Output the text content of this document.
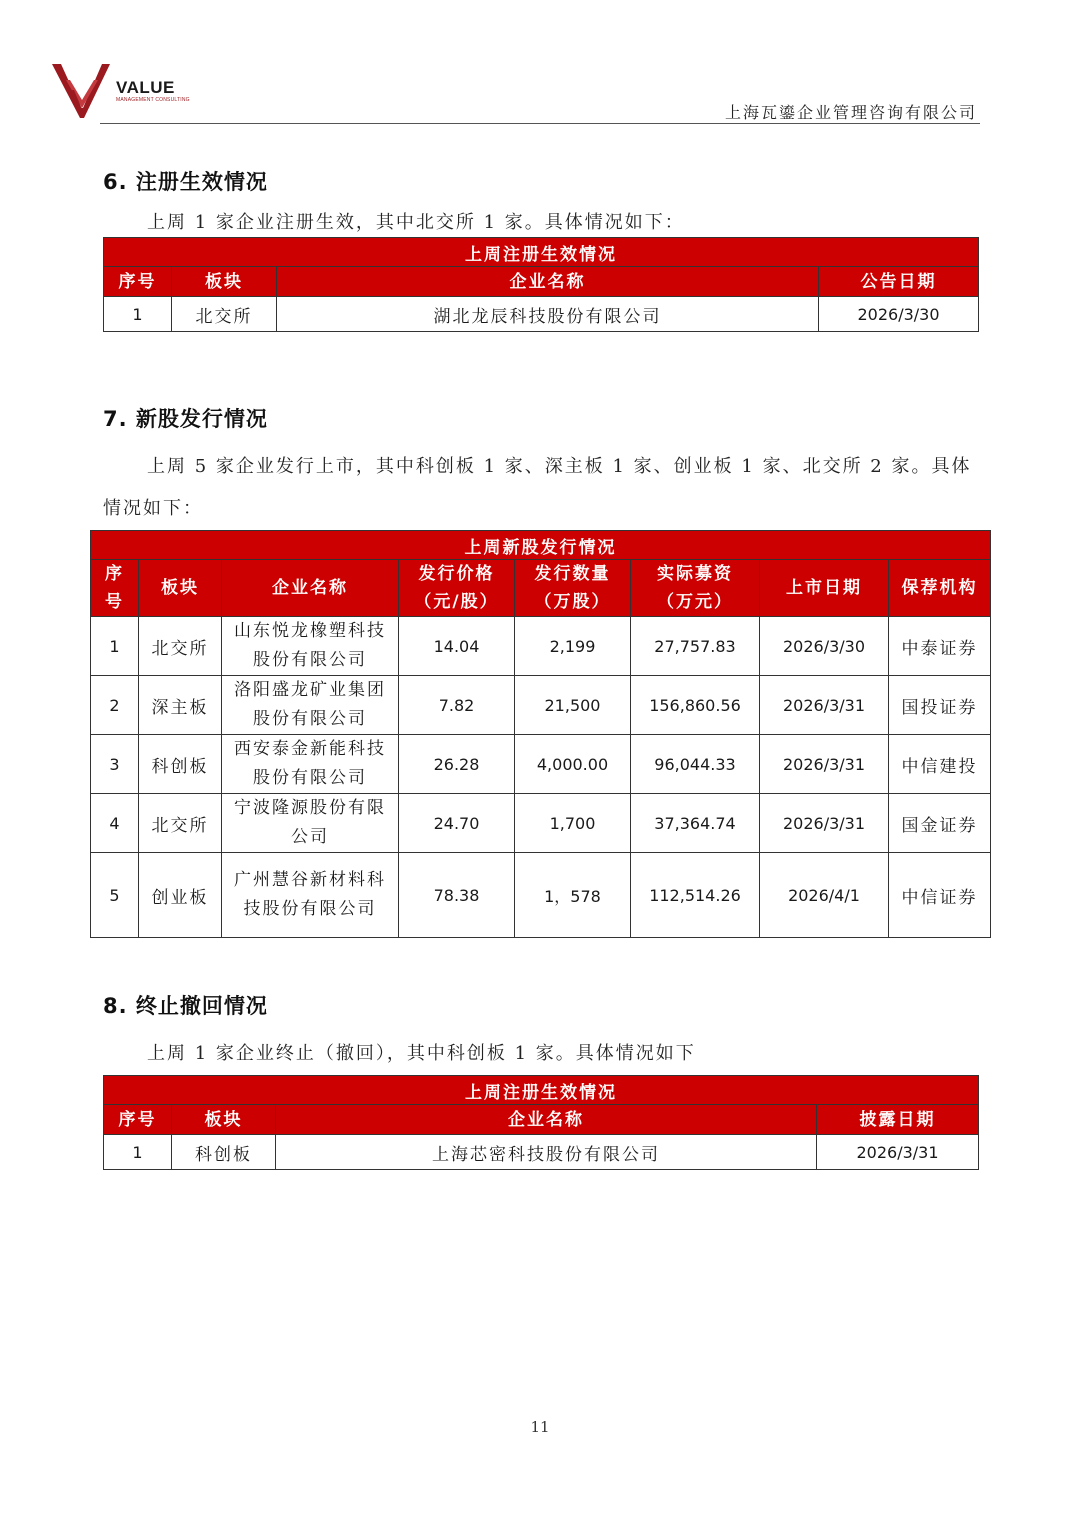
VALUE
MANAGEMENT CONSULTING
上海瓦鎏企业管理咨询有限公司
6. 注册生效情况
上周 1 家企业注册生效，其中北交所 1 家。具体情况如下：
上周注册生效情况			
序号	板块	企业名称	公告日期
1	北交所	湖北龙辰科技股份有限公司	2026/3/30
7. 新股发行情况
上周 5 家企业发行上市，其中科创板 1 家、深主板 1 家、创业板 1 家、北交所 2 家。具体情况如下：
上周新股发行情况							
序号	板块	企业名称	发行价格（元/股）	发行数量（万股）	实际募资（万元）	上市日期	保荐机构
1	北交所	山东悦龙橡塑科技股份有限公司	14.04	2,199	27,757.83	2026/3/30	中泰证券
2	深主板	洛阳盛龙矿业集团股份有限公司	7.82	21,500	156,860.56	2026/3/31	国投证券
3	科创板	西安泰金新能科技股份有限公司	26.28	4,000.00	96,044.33	2026/3/31	中信建投
4	北交所	宁波隆源股份有限公司	24.70	1,700	37,364.74	2026/3/31	国金证券
5	创业板	广州慧谷新材料科技股份有限公司	78.38	1，578	112,514.26	2026/4/1	中信证券
8. 终止撤回情况
上周 1 家企业终止（撤回），其中科创板 1 家。具体情况如下
上周注册生效情况			
序号	板块	企业名称	披露日期
1	科创板	上海芯密科技股份有限公司	2026/3/31
11
